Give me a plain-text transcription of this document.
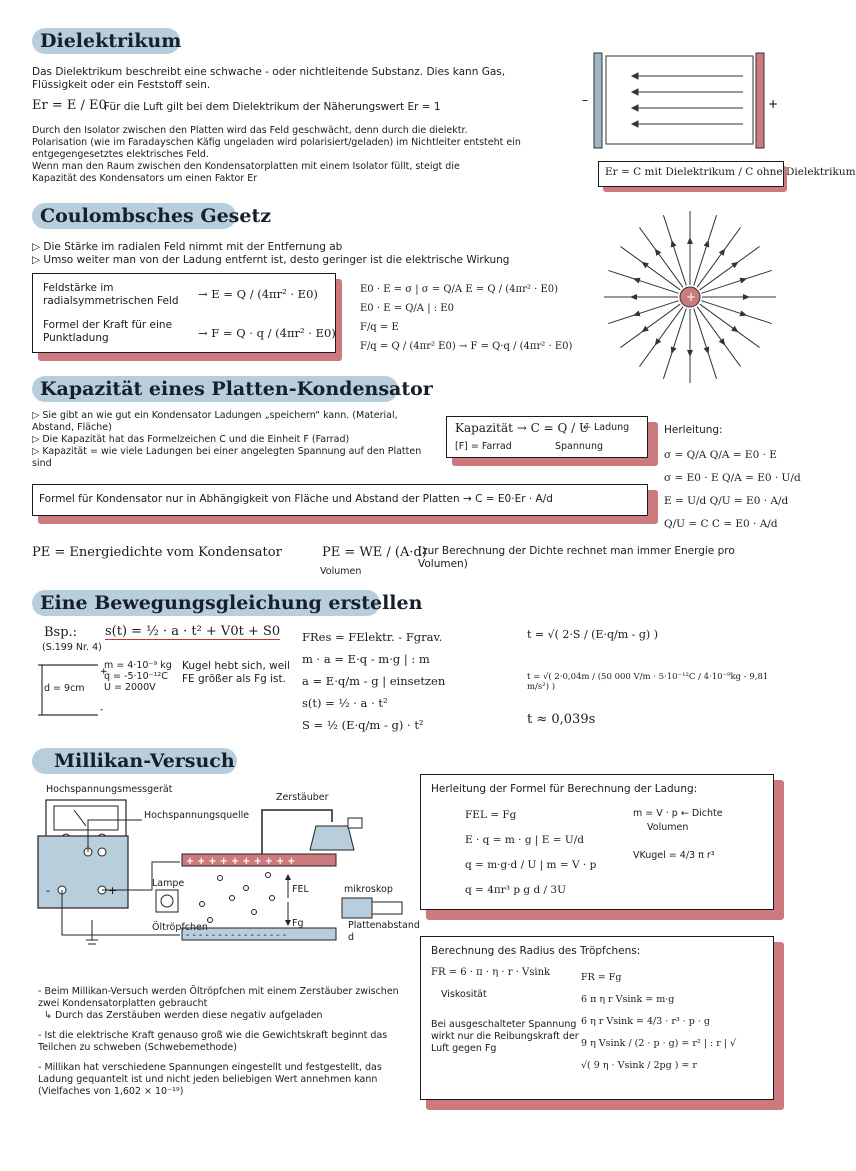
Dielektrikum
Das Dielektrikum beschreibt eine schwache - oder nichtleitende Substanz. Dies kann Gas,
Flüssigkeit oder ein Feststoff sein.
Er = E / E0
Für die Luft gilt bei dem Dielektrikum der Näherungswert Er = 1
Durch den Isolator zwischen den Platten wird das Feld geschwächt, denn durch die dielektr.
Polarisation (wie im Faradayschen Käfig ungeladen wird polarisiert/geladen) im Nichtleiter entsteht ein
entgegengesetztes elektrisches Feld.
Wenn man den Raum zwischen den Kondensatorplatten mit einem Isolator füllt, steigt die
Kapazität des Kondensators um einen Faktor Er
–	+
Er = C mit Dielektrikum / C ohne Dielektrikum
Coulombsches Gesetz
▷ Die Stärke im radialen Feld nimmt mit der Entfernung ab
▷ Umso weiter man von der Ladung entfernt ist, desto geringer ist die elektrische Wirkung
Feldstärke im radialsymmetrischen Feld	→ E = Q / (4πr² · E0)
Formel der Kraft für eine Punktladung	→ F = Q · q / (4πr² · E0)
E0 · E = σ | σ = Q/A E = Q / (4πr² · E0)
E0 · E = Q/A | : E0
F/q = E
F/q = Q / (4πr² E0) → F = Q·q / (4πr² · E0)
+
Kapazität eines Platten-Kondensator
▷ Sie gibt an wie gut ein Kondensator Ladungen „speichern“ kann. (Material, Abstand, Fläche)
▷ Die Kapazität hat das Formelzeichen C und die Einheit F (Farrad)
▷ Kapazität = wie viele Ladungen bei einer angelegten Spannung auf den Platten sind
Kapazität → C = Q / U
← Ladung
[F] = Farrad	Spannung
Herleitung:
σ = Q/A Q/A = E0 · E
σ = E0 · E Q/A = E0 · U/d
E = U/d Q/U = E0 · A/d
Q/U = C C = E0 · A/d
Formel für Kondensator nur in Abhängigkeit von Fläche und Abstand der Platten → C = E0·Er · A/d
PE = Energiedichte vom Kondensator	PE = WE / (A·d)
Volumen
(zur Berechnung der Dichte rechnet man immer Energie pro Volumen)
Eine Bewegungsgleichung erstellen
Bsp.:
(S.199 Nr. 4)
s(t) = ½ · a · t² + V0t + S0
+
-
d = 9cm
m = 4·10⁻⁹ kg
q = -5·10⁻¹²C
U = 2000V
Kugel hebt sich, weil FE größer als Fg ist.
FRes = FElektr. - Fgrav.
m · a = E·q - m·g | : m
a = E·q/m - g | einsetzen
s(t) = ½ · a · t²
S = ½ (E·q/m - g) · t²
t = √( 2·S / (E·q/m - g) )
t = √( 2·0,04m / (50 000 V/m · 5·10⁻¹²C / 4·10⁻⁹kg - 9,81 m/s²) )
t ≈ 0,039s
Millikan-Versuch
-	+
Hochspannungsmessgerät
Hochspannungsquelle
Zerstäuber
Lampe
mikroskop
Öltröpfchen	Plattenabstand d
FEL
Fg
+ + + + + + + + + +
- - - - - - - - - - - - - - - -
- Beim Millikan-Versuch werden Öltröpfchen mit einem Zerstäuber zwischen zwei Kondensatorplatten gebraucht
↳ Durch das Zerstäuben werden diese negativ aufgeladen
- Ist die elektrische Kraft genauso groß wie die Gewichtskraft beginnt das Teilchen zu schweben (Schwebemethode)
- Millikan hat verschiedene Spannungen eingestellt und festgestellt, das Ladung gequantelt ist und nicht jeden beliebigen Wert annehmen kann (Vielfaches von 1,602 × 10⁻¹⁹)
Herleitung der Formel für Berechnung der Ladung:
FEL = Fg
E · q = m · g | E = U/d
q = m·g·d / U | m = V · p
q = 4πr³ p g d / 3U
m = V · p ← Dichte
Volumen
VKugel = 4/3 π r³
Berechnung des Radius des Tröpfchens:
FR = 6 · π · η · r · Vsink
Viskosität
Bei ausgeschalteter Spannung wirkt nur die Reibungskraft der Luft gegen Fg
FR = Fg
6 π η r Vsink = m·g
6 η r Vsink = 4/3 · r³ · p · g
9 η Vsink / (2 · p · g) = r² | : r | √
√( 9 η · Vsink / 2pg ) = r
